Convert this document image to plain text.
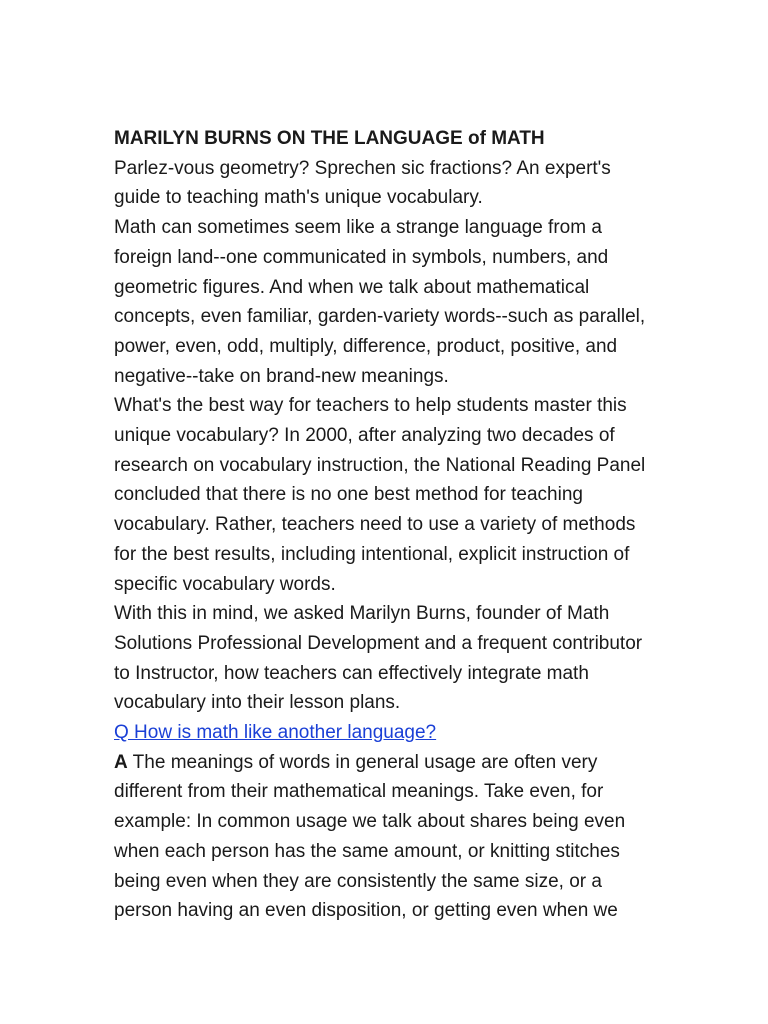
MARILYN BURNS ON THE LANGUAGE of MATH

Parlez-vous geometry? Sprechen sic fractions? An expert's guide to teaching math's unique vocabulary.

Math can sometimes seem like a strange language from a foreign land--one communicated in symbols, numbers, and geometric figures. And when we talk about mathematical concepts, even familiar, garden-variety words--such as parallel, power, even, odd, multiply, difference, product, positive, and negative--take on brand-new meanings.

What's the best way for teachers to help students master this unique vocabulary? In 2000, after analyzing two decades of research on vocabulary instruction, the National Reading Panel concluded that there is no one best method for teaching vocabulary. Rather, teachers need to use a variety of methods for the best results, including intentional, explicit instruction of specific vocabulary words.

With this in mind, we asked Marilyn Burns, founder of Math Solutions Professional Development and a frequent contributor to Instructor, how teachers can effectively integrate math vocabulary into their lesson plans.

Q How is math like another language?

A The meanings of words in general usage are often very different from their mathematical meanings. Take even, for example: In common usage we talk about shares being even when each person has the same amount, or knitting stitches being even when they are consistently the same size, or a person having an even disposition, or getting even when we
